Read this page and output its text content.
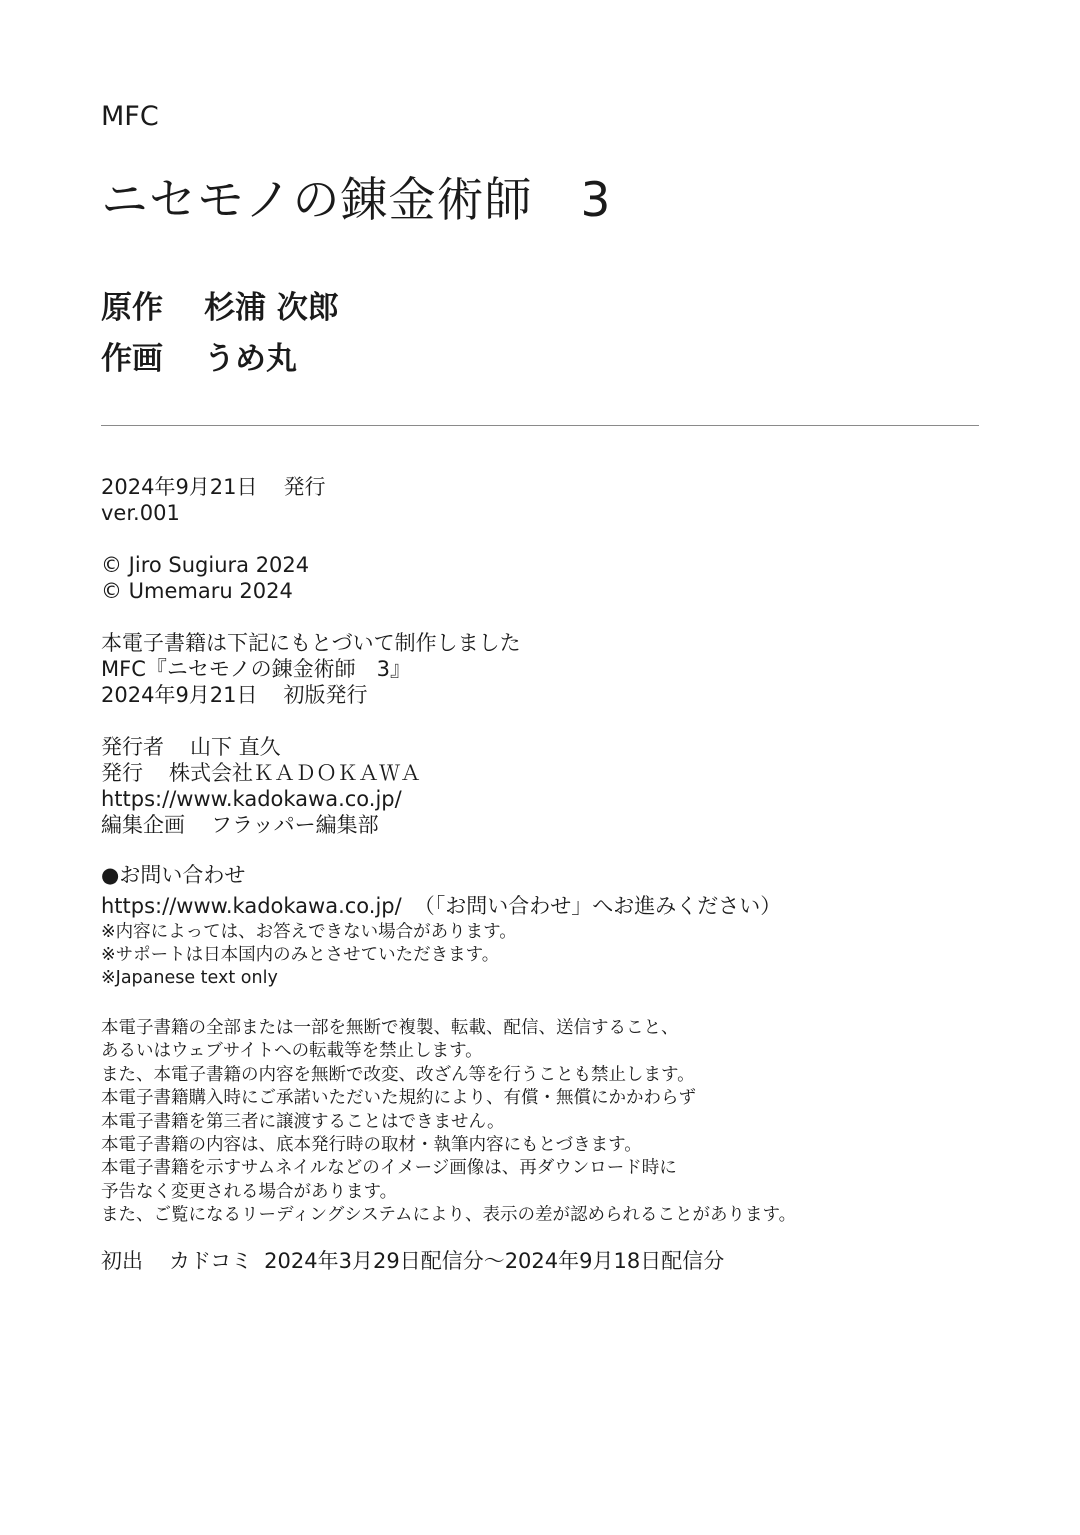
MFC
ニセモノの錬金術師　3
原作 杉浦 次郎
作画 うめ丸
2024年9月21日 発行
ver.001
© Jiro Sugiura 2024
© Umemaru 2024
本電子書籍は下記にもとづいて制作しました
MFC『ニセモノの錬金術師　3』
2024年9月21日 初版発行
発行者 山下 直久
発行 株式会社ＫＡＤＯＫＡＷＡ
https://www.kadokawa.co.jp/
編集企画 フラッパー編集部
●お問い合わせ
https://www.kadokawa.co.jp/ （「お問い合わせ」へお進みください）
※内容によっては、お答えできない場合があります。
※サポートは日本国内のみとさせていただきます。
※Japanese text only
本電子書籍の全部または一部を無断で複製、転載、配信、送信すること、
あるいはウェブサイトへの転載等を禁止します。
また、本電子書籍の内容を無断で改変、改ざん等を行うことも禁止します。
本電子書籍購入時にご承諾いただいた規約により、有償・無償にかかわらず
本電子書籍を第三者に譲渡することはできません。
本電子書籍の内容は、底本発行時の取材・執筆内容にもとづきます。
本電子書籍を示すサムネイルなどのイメージ画像は、再ダウンロード時に
予告なく変更される場合があります。
また、ご覧になるリーディングシステムにより、表示の差が認められることがあります。
初出 カドコミ 2024年3月29日配信分～2024年9月18日配信分
